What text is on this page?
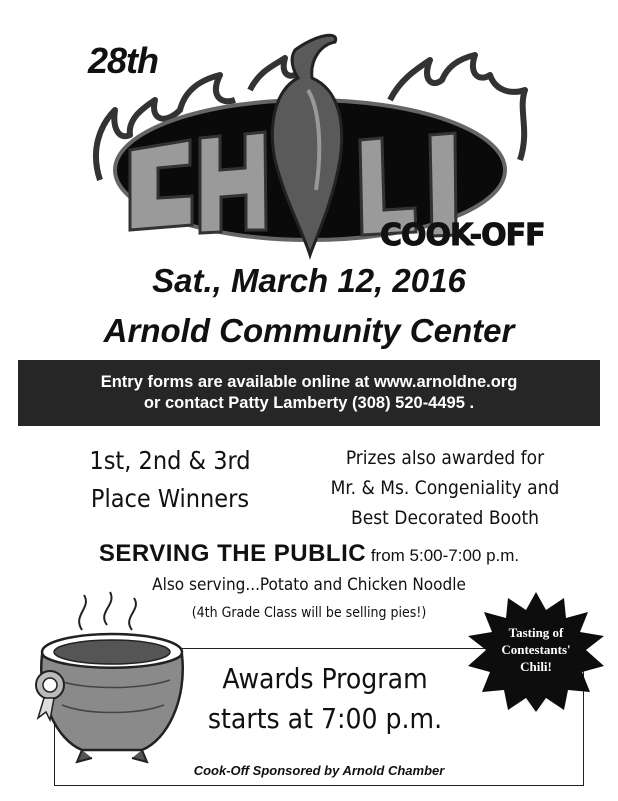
28th
COOK-OFF
Sat., March 12, 2016
Arnold Community Center
Entry forms are available online at www.arnoldne.org
or contact Patty Lamberty (308) 520-4495 .
1st, 2nd & 3rd
Place Winners
Prizes also awarded for
Mr. & Ms. Congeniality and
Best Decorated Booth
SERVING THE PUBLIC from 5:00-7:00 p.m.
Also serving...Potato and Chicken Noodle
(4th Grade Class will be selling pies!)
Awards Program
starts at 7:00 p.m.
Cook-Off Sponsored by Arnold Chamber
Tasting of
Contestants'
Chili!
